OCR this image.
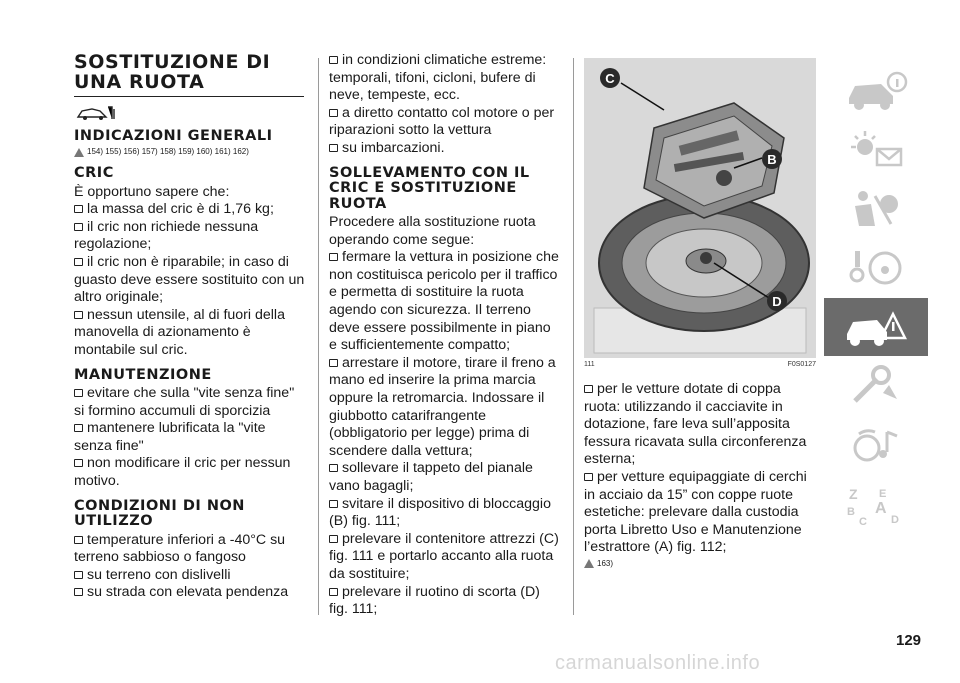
SOSTITUZIONE DI UNA RUOTA
INDICAZIONI GENERALI
154) 155) 156) 157) 158) 159) 160) 161) 162)
CRIC

È opportuno sapere che:

la massa del cric è di 1,76 kg;

il cric non richiede nessuna regolazione;

il cric non è riparabile; in caso di guasto deve essere sostituito con un altro originale;

nessun utensile, al di fuori della manovella di azionamento è montabile sul cric.

MANUTENZIONE

evitare che sulla "vite senza fine" si formino accumuli di sporcizia

mantenere lubrificata la "vite senza fine"

non modificare il cric per nessun motivo.

CONDIZIONI DI NON UTILIZZO

temperature inferiori a -40°C su terreno sabbioso o fangoso

su terreno con dislivelli

su strada con elevata pendenza

in condizioni climatiche estreme: temporali, tifoni, cicloni, bufere di neve, tempeste, ecc.

a diretto contatto col motore o per riparazioni sotto la vettura

su imbarcazioni.

SOLLEVAMENTO CON IL CRIC E SOSTITUZIONE RUOTA

Procedere alla sostituzione ruota operando come segue:

fermare la vettura in posizione che non costituisca pericolo per il traffico e permetta di sostituire la ruota agendo con sicurezza. Il terreno deve essere possibilmente in piano e sufficientemente compatto;

arrestare il motore, tirare il freno a mano ed inserire la prima marcia oppure la retromarcia. Indossare il giubbotto catarifrangente (obbligatorio per legge) prima di scendere dalla vettura;

sollevare il tappeto del pianale vano bagagli;

svitare il dispositivo di bloccaggio (B) fig. 111;

prelevare il contenitore attrezzi (C) fig. 111 e portarlo accanto alla ruota da sostituire;

prelevare il ruotino di scorta (D) fig. 111;

C
B
D
111	F0S0127

per le vetture dotate di coppa ruota: utilizzando il cacciavite in dotazione, fare leva sull’apposita fessura ricavata sulla circonferenza esterna;

per vetture equipaggiate di cerchi in acciaio da 15” con coppe ruote estetiche: prelevare dalla custodia porta Libretto Uso e Manutenzione l’estrattore (A) fig. 112;

163)
Z E
B A
C D
129
carmanualsonline.info
